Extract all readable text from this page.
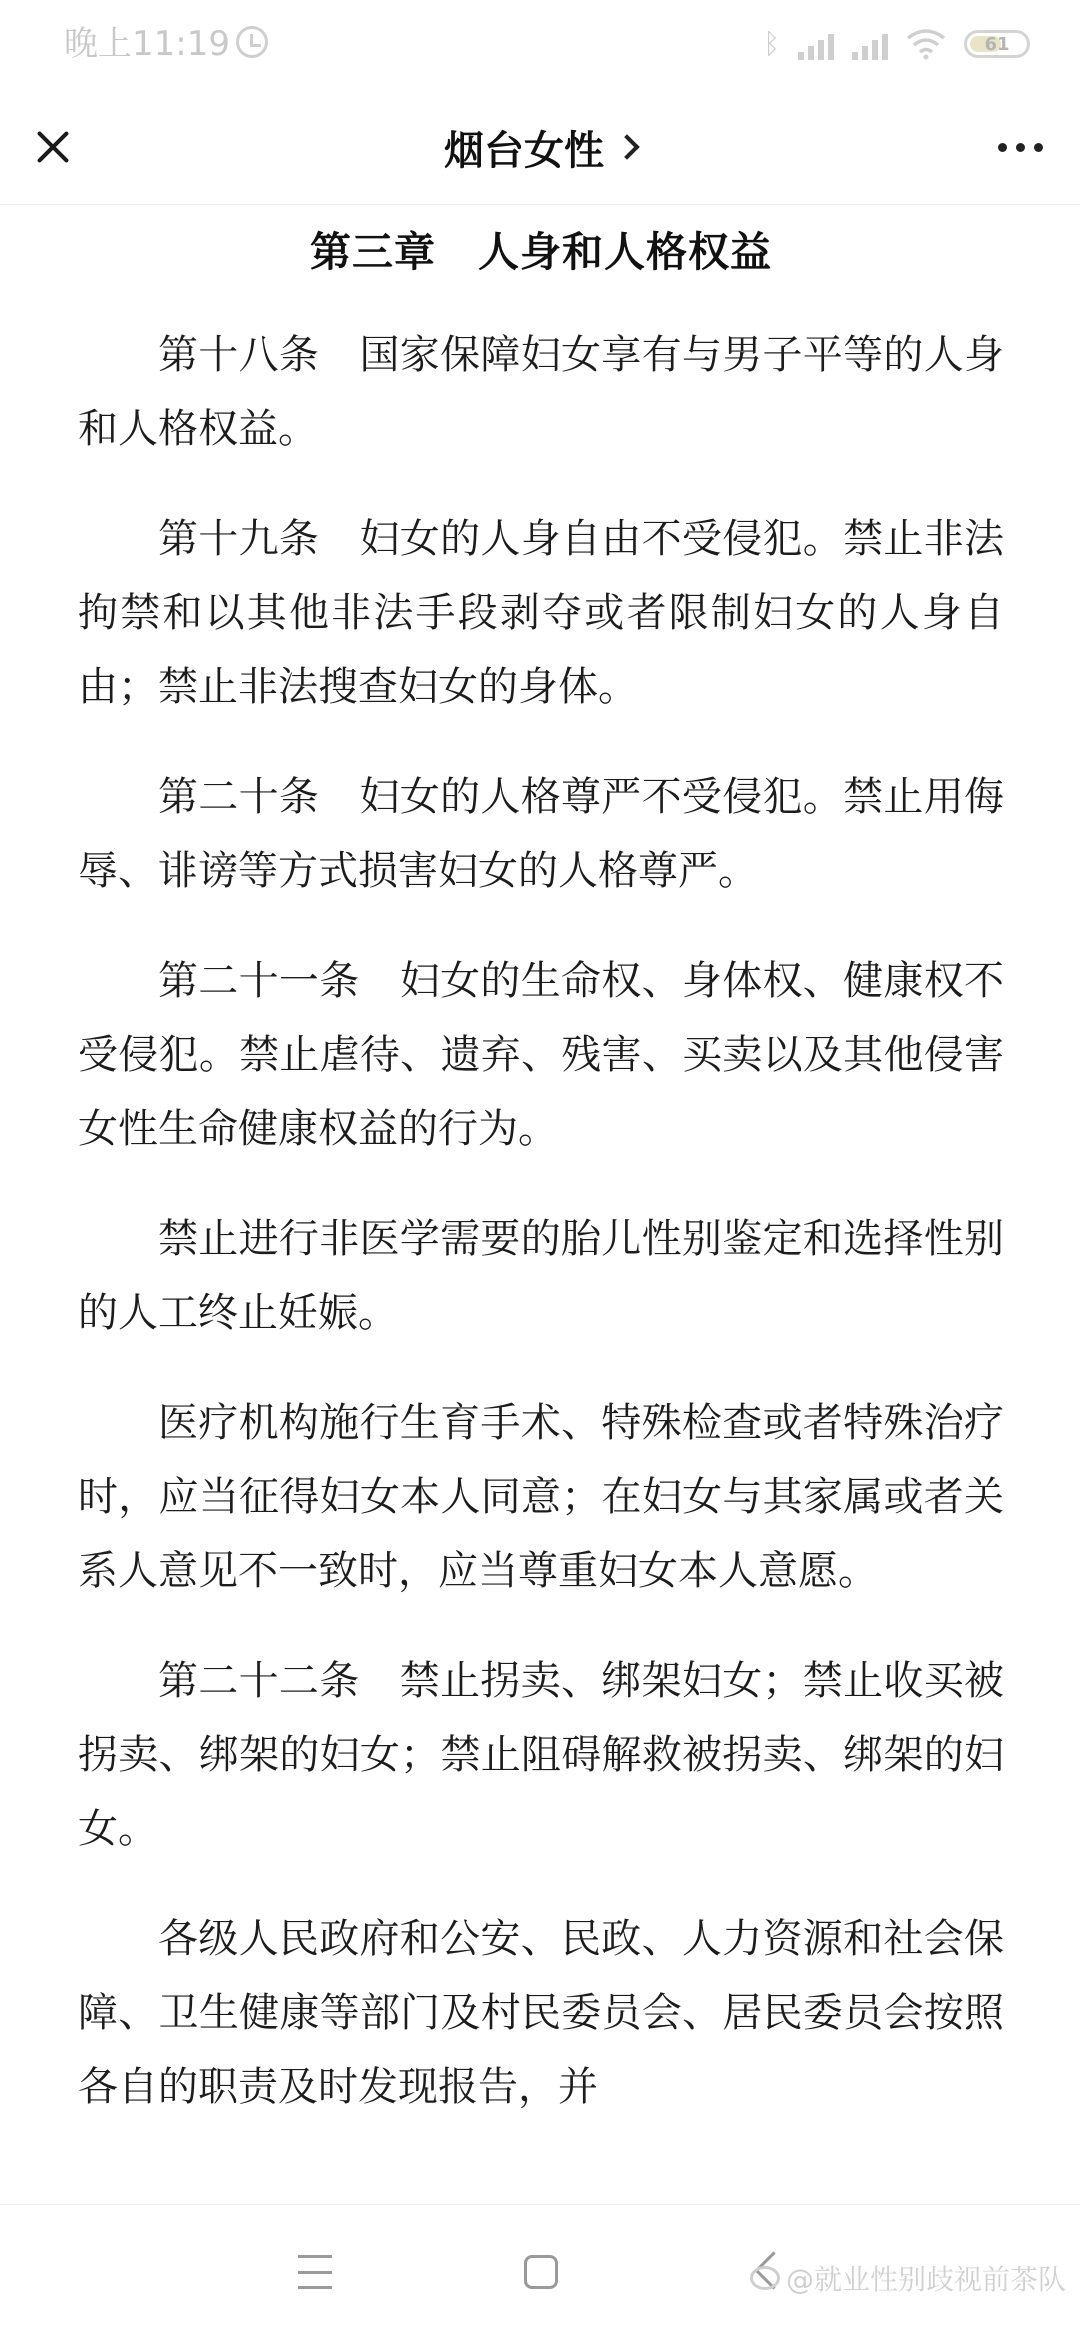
晚上11:19	ᛒ	61
烟台女性
第三章　人身和人格权益

第十八条　国家保障妇女享有与男子平等的人身和人格权益。

第十九条　妇女的人身自由不受侵犯。禁止非法拘禁和以其他非法手段剥夺或者限制妇女的人身自由；禁止非法搜查妇女的身体。

第二十条　妇女的人格尊严不受侵犯。禁止用侮辱、诽谤等方式损害妇女的人格尊严。

第二十一条　妇女的生命权、身体权、健康权不受侵犯。禁止虐待、遗弃、残害、买卖以及其他侵害女性生命健康权益的行为。

禁止进行非医学需要的胎儿性别鉴定和选择性别的人工终止妊娠。

医疗机构施行生育手术、特殊检查或者特殊治疗时，应当征得妇女本人同意；在妇女与其家属或者关系人意见不一致时，应当尊重妇女本人意愿。

第二十二条　禁止拐卖、绑架妇女；禁止收买被拐卖、绑架的妇女；禁止阻碍解救被拐卖、绑架的妇女。

各级人民政府和公安、民政、人力资源和社会保障、卫生健康等部门及村民委员会、居民委员会按照各自的职责及时发现报告，并

@就业性别歧视前茶队
